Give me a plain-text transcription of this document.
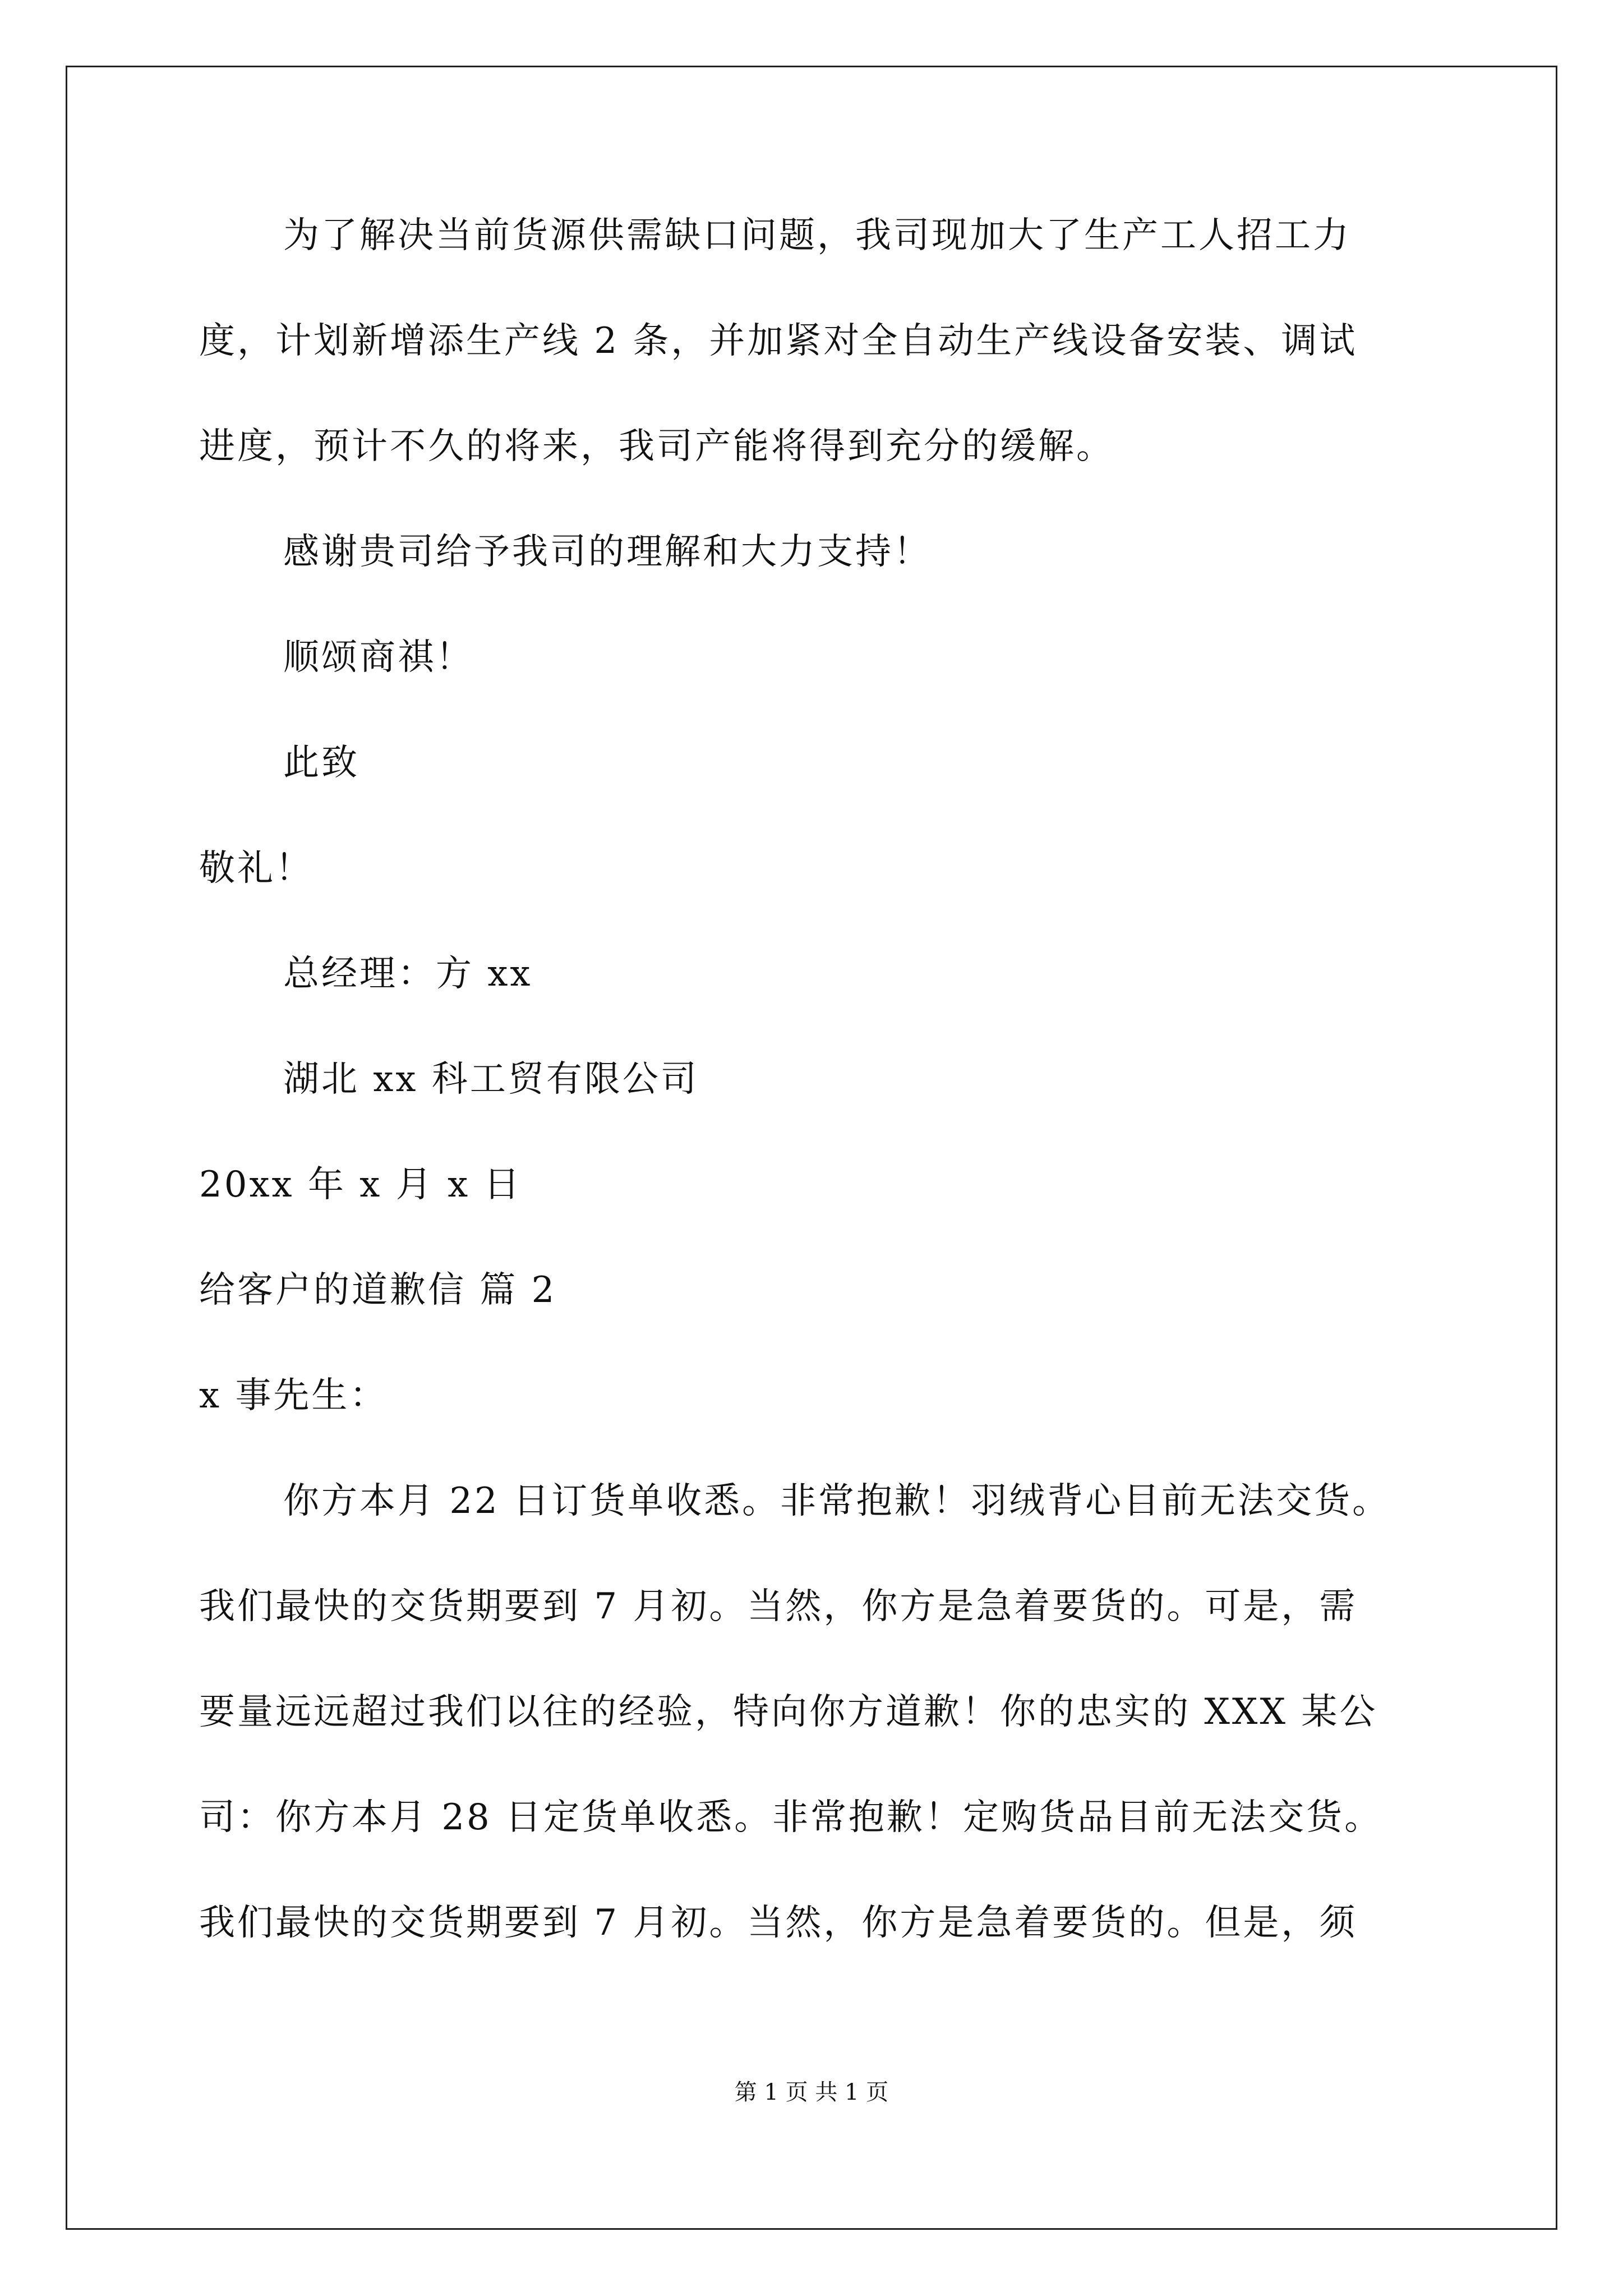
为了解决当前货源供需缺口问题，我司现加大了生产工人招工力
度，计划新增添生产线 2 条，并加紧对全自动生产线设备安装、调试
进度，预计不久的将来，我司产能将得到充分的缓解。
感谢贵司给予我司的理解和大力支持！
顺颂商祺！
此致
敬礼！
总经理：方 xx
湖北 xx 科工贸有限公司
20xx 年 x 月 x 日
给客户的道歉信 篇 2
x 事先生：
你方本月 22 日订货单收悉。非常抱歉！羽绒背心目前无法交货。
我们最快的交货期要到 7 月初。当然，你方是急着要货的。可是，需
要量远远超过我们以往的经验，特向你方道歉！你的忠实的 XXX 某公
司：你方本月 28 日定货单收悉。非常抱歉！定购货品目前无法交货。
我们最快的交货期要到 7 月初。当然，你方是急着要货的。但是，须
第 1 页 共 1 页
